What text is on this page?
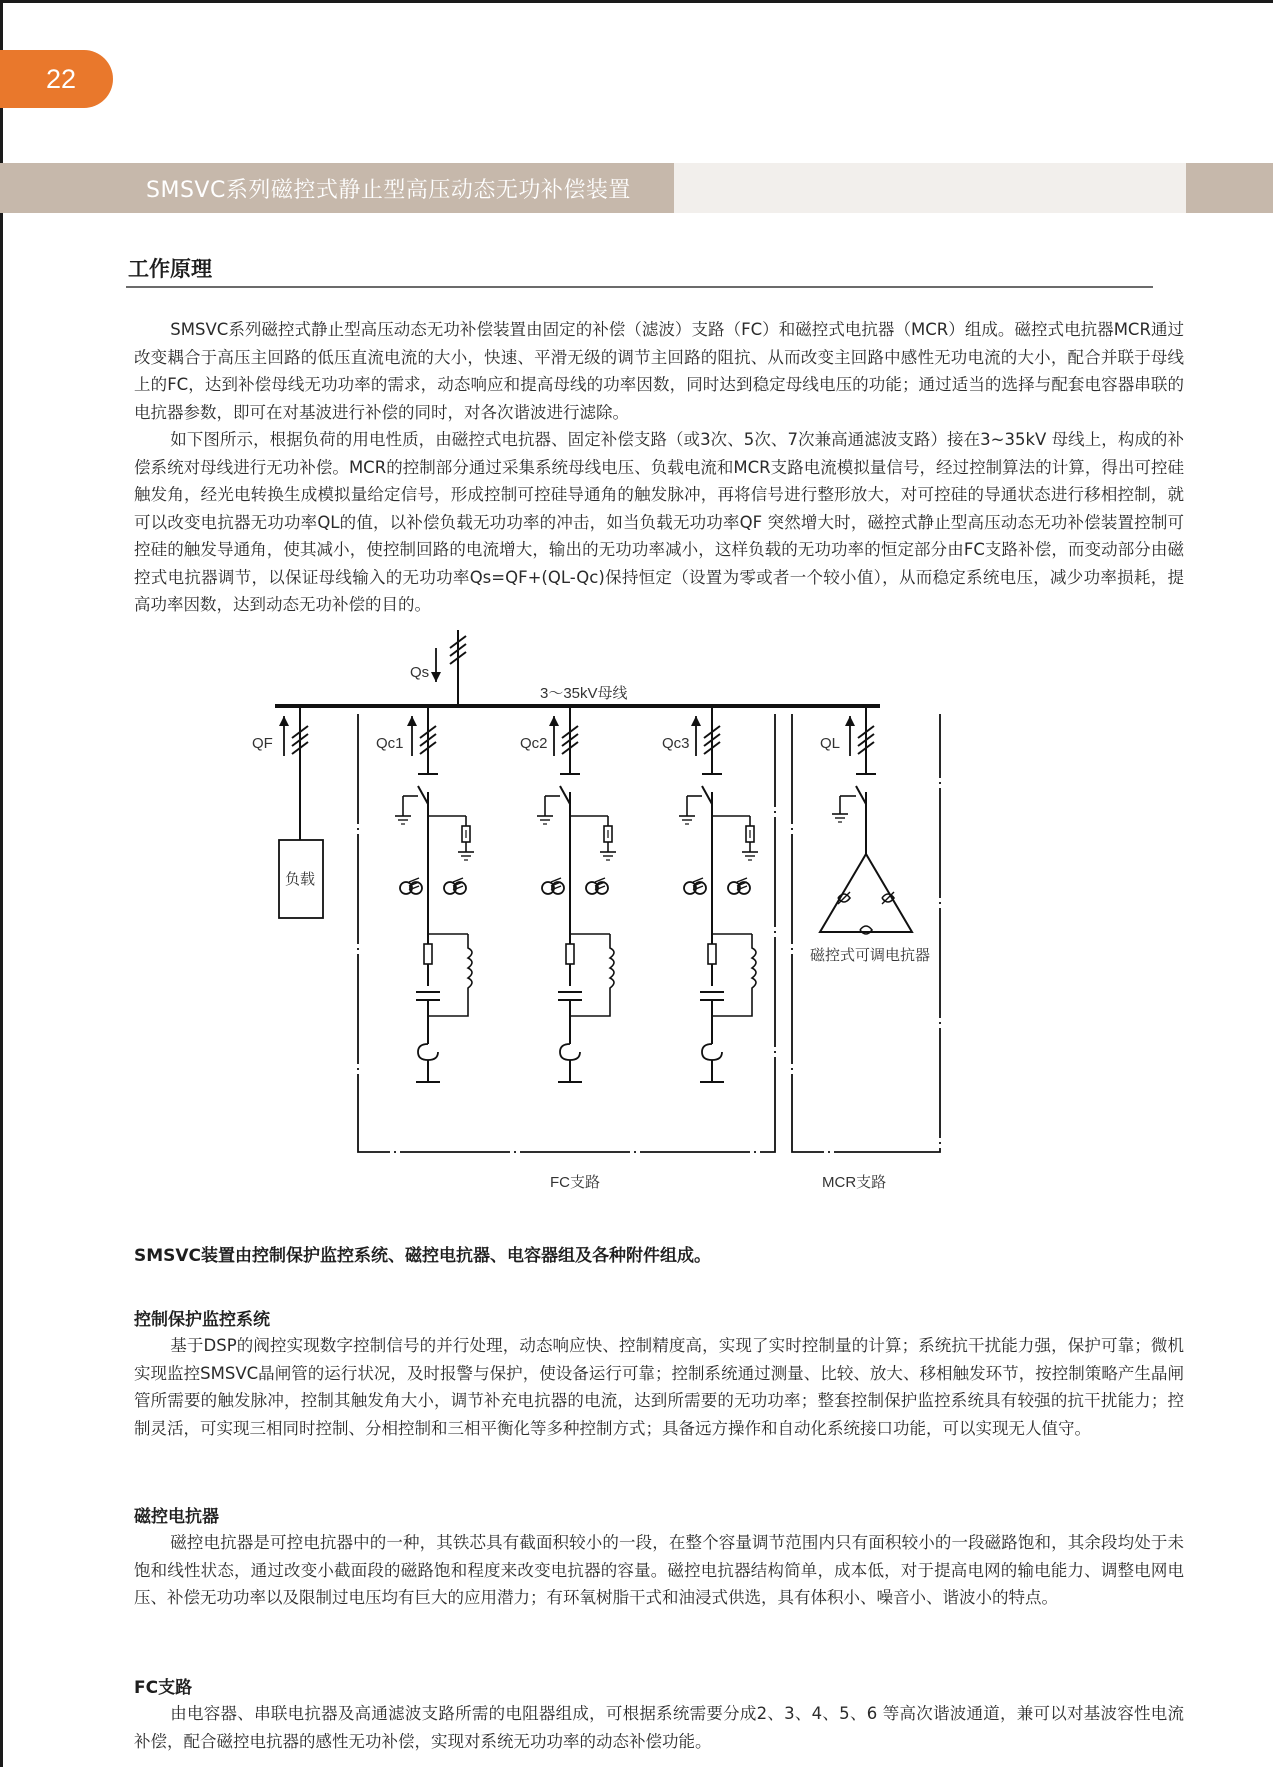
22
SMSVC系列磁控式静止型高压动态无功补偿装置
工作原理

SMSVC系列磁控式静止型高压动态无功补偿装置由固定的补偿（滤波）支路（FC）和磁控式电抗器（MCR）组成。磁控式电抗器MCR通过改变耦合于高压主回路的低压直流电流的大小，快速、平滑无级的调节主回路的阻抗、从而改变主回路中感性无功电流的大小，配合并联于母线上的FC，达到补偿母线无功功率的需求，动态响应和提高母线的功率因数，同时达到稳定母线电压的功能；通过适当的选择与配套电容器串联的电抗器参数，即可在对基波进行补偿的同时，对各次谐波进行滤除。

如下图所示，根据负荷的用电性质，由磁控式电抗器、固定补偿支路（或3次、5次、7次兼高通滤波支路）接在3~35kV 母线上，构成的补偿系统对母线进行无功补偿。MCR的控制部分通过采集系统母线电压、负载电流和MCR支路电流模拟量信号，经过控制算法的计算，得出可控硅触发角，经光电转换生成模拟量给定信号，形成控制可控硅导通角的触发脉冲，再将信号进行整形放大，对可控硅的导通状态进行移相控制，就可以改变电抗器无功功率QL的值，以补偿负载无功功率的冲击，如当负载无功功率QF 突然增大时，磁控式静止型高压动态无功补偿装置控制可控硅的触发导通角，使其减小，使控制回路的电流增大，输出的无功功率减小，这样负载的无功功率的恒定部分由FC支路补偿，而变动部分由磁控式电抗器调节，以保证母线输入的无功功率Qs=QF+(QL-Qc)保持恒定（设置为零或者一个较小值），从而稳定系统电压，减少功率损耗，提高功率因数，达到动态无功补偿的目的。

Qs
3～35kV母线
QF
负载
Qc1	Qc2	Qc3	QL
磁控式可调电抗器
FC支路	MCR支路
SMSVC装置由控制保护监控系统、磁控电抗器、电容器组及各种附件组成。
控制保护监控系统

基于DSP的阀控实现数字控制信号的并行处理，动态响应快、控制精度高，实现了实时控制量的计算；系统抗干扰能力强，保护可靠；微机实现监控SMSVC晶闸管的运行状况，及时报警与保护，使设备运行可靠；控制系统通过测量、比较、放大、移相触发环节，按控制策略产生晶闸管所需要的触发脉冲，控制其触发角大小，调节补充电抗器的电流，达到所需要的无功功率；整套控制保护监控系统具有较强的抗干扰能力；控制灵活，可实现三相同时控制、分相控制和三相平衡化等多种控制方式；具备远方操作和自动化系统接口功能，可以实现无人值守。

磁控电抗器

磁控电抗器是可控电抗器中的一种，其铁芯具有截面积较小的一段，在整个容量调节范围内只有面积较小的一段磁路饱和，其余段均处于未饱和线性状态，通过改变小截面段的磁路饱和程度来改变电抗器的容量。磁控电抗器结构简单，成本低，对于提高电网的输电能力、调整电网电压、补偿无功功率以及限制过电压均有巨大的应用潜力；有环氧树脂干式和油浸式供选，具有体积小、噪音小、谐波小的特点。

FC支路

由电容器、串联电抗器及高通滤波支路所需的电阻器组成，可根据系统需要分成2、3、4、5、6 等高次谐波通道，兼可以对基波容性电流补偿，配合磁控电抗器的感性无功补偿，实现对系统无功功率的动态补偿功能。
